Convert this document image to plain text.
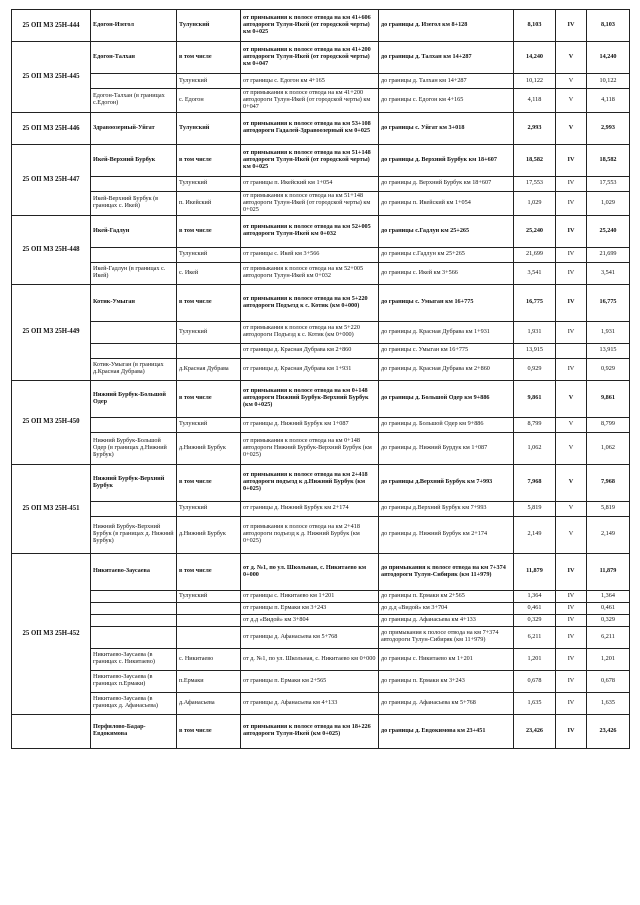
25 ОП МЗ 25Н-444	Едогон-Изегол	Тулунский	от примыкания к полосе отвода на км 41+606 автодороги Тулун-Икей (от городской черты) км 0+025	до границы д. Изегол км 8+128	8,103	IV	8,103
25 ОП МЗ 25Н-445	Едогон-Талхан	в том числе	от примыкания к полосе отвода на км 41+200 автодороги Тулун-Икей (от городской черты) км 0+047	до границы д. Талхан км 14+287	14,240	V	14,240
		Тулунский	от границы с. Едогон км 4+165	до границы д. Талхан км 14+287	10,122	V	10,122
	Едогон-Талхан (в границах с.Едогон)	с. Едогон	от примыкания к полосе отвода на км 41+200 автодороги Тулун-Икей (от городской черты) км 0+047	до границы с. Едогон км 4+165	4,118	V	4,118
25 ОП МЗ 25Н-446	Здравоозерный-Уйгат	Тулунский	от примыкания к полосе отвода на км 53+108 автодороги Гадалей-Здравоозерный км 0+025	до границы с. Уйгат км 3+018	2,993	V	2,993
25 ОП МЗ 25Н-447	Икей-Верхний Бурбук	в том числе	от примыкания к полосе отвода на км 51+148 автодороги Тулун-Икей (от городской черты) км 0+025	до границы д. Верхний Бурбук км 18+607	18,582	IV	18,582
		Тулунский	от границы п. Икейский км 1+054	до границы д. Верхний Бурбук км 18+607	17,553	IV	17,553
	Икей-Верхний Бурбук (в границах с. Икей)	п. Икейский	от примыкания к полосе отвода на км 51+148 автодороги Тулун-Икей (от городской черты) км 0+025	до границы п. Икейский км 1+054	1,029	IV	1,029
25 ОП МЗ 25Н-448	Икей-Гадлун	в том числе	от примыкания к полосе отвода на км 52+005 автодороги Тулун-Икей км 0+032	до границы с.Гадлун км 25+265	25,240	IV	25,240
		Тулунский	от границы с. Икей км 3+566	до границы с.Гадлун км 25+265	21,699	IV	21,699
	Икей-Гадлун (в границах с. Икей)	с. Икей	от примыкания к полосе отвода на км 52+005 автодороги Тулун-Икей км 0+032	до границы с. Икей км 3+566	3,541	IV	3,541
25 ОП МЗ 25Н-449	Котик-Умыган	в том числе	от примыкания к полосе отвода на км 5+220 автодороги Подъезд к с. Котик (км 0+000)	до границы с. Умыган км 16+775	16,775	IV	16,775
		Тулунский	от примыкания к полосе отвода на км 5+220 автодороги Подъезд к с. Котик (км 0+000)	до границы д. Красная Дубрава км 1+931	1,931	IV	1,931
			от границы д. Красная Дубрава км 2+860	до границы с. Умыган км 16+775	13,915		13,915
	Котик-Умыган (в границах д.Красная Дубрава)	д.Красная Дубрава	от границы д. Красная Дубрава км 1+931	до границы д. Красная Дубрава км 2+860	0,929	IV	0,929
25 ОП МЗ 25Н-450	Нижний Бурбук-Большой Одер	в том числе	от примыкания к полосе отвода на км 0+148 автодороги Нижний Бурбук-Верхний Бурбук (км 0+025)	до границы д. Большой Одер км 9+886	9,861	V	9,861
		Тулунский	от границы д. Нижний Бурбук км 1+087	до границы д. Большой Одер км 9+886	8,799	V	8,799
	Нижний Бурбук-Большой Одер (в границах д.Нижний Бурбук)	д.Нижний Бурбук	от примыкания к полосе отвода на км 0+148 автодороги Нижний Бурбук-Верхний Бурбук (км 0+025)	до границы д. Нижний Бурдук км 1+087	1,062	V	1,062
25 ОП МЗ 25Н-451	Нижний Бурбук-Верхний Бурбук	в том числе	от примыкания к полосе отвода на км 2+418 автодороги подъезд к д.Нижний Бурбук (км 0+025)	до границы д.Верхний Бурбук км 7+993	7,968	V	7,968
		Тулунский	от границы д. Нижний Бурбук км 2+174	до границы д.Верхний Бурбук км 7+993	5,819	V	5,819
	Нижний Бурбук-Верхний Бурбук (в границах д. Нижний Бурбук)	д.Нижний Бурбук	от примыкания к полосе отвода на км 2+418 автодороги подъезд к д. Нижний Бурбук (км 0+025)	до границы д. Нижний Бурбук км 2+174	2,149	V	2,149
25 ОП МЗ 25Н-452	Никитаево-Заусаева	в том числе	от д. №1, по ул. Школьная, с. Никитаево км 0+000	до примыкания к полосе отвода на км 7+374 автодороги Тулун-Сибиряк (км 11+979)	11,879	IV	11,879
		Тулунский	от границы с. Никитаево км 1+201	до границы п. Ермаки км 2+565	1,364	IV	1,364
			от границы п. Ермаки км 3+243	до д.д «Видой» км 3+704	0,461	IV	0,461
			от д.д «Видой» км 3+804	до границы д. Афанасьева км 4+133	0,329	IV	0,329
			от границы д. Афанасьева км 5+768	до примыкания к полосе отвода на км 7+374 автодороги Тулун-Сибиряк (км 11+979)	6,211	IV	6,211
	Никитаево-Заусаева (в границах с. Никитаево)	с. Никитаево	от д. №1, по ул. Школьная, с. Никитаево км 0+000	до границы с. Никитаево км 1+201	1,201	IV	1,201
	Никитаево-Заусаева (в границах п.Ермаки)	п.Ермаки	от границы п. Ермаки км 2+565	до границы п. Ермаки км 3+243	0,678	IV	0,678
	Никитаево-Заусаева (в границах д. Афанасьева)	д.Афанасьева	от границы д. Афанасьева км 4+133	до границы д. Афанасьева км 5+768	1,635	IV	1,635
	Перфилово-Бадар-Евдокимова	в том числе	от примыкания к полосе отвода на км 18+226 автодороги Тулун-Икей (км 0+025)	до границы д. Евдокимова км 23+451	23,426	IV	23,426
